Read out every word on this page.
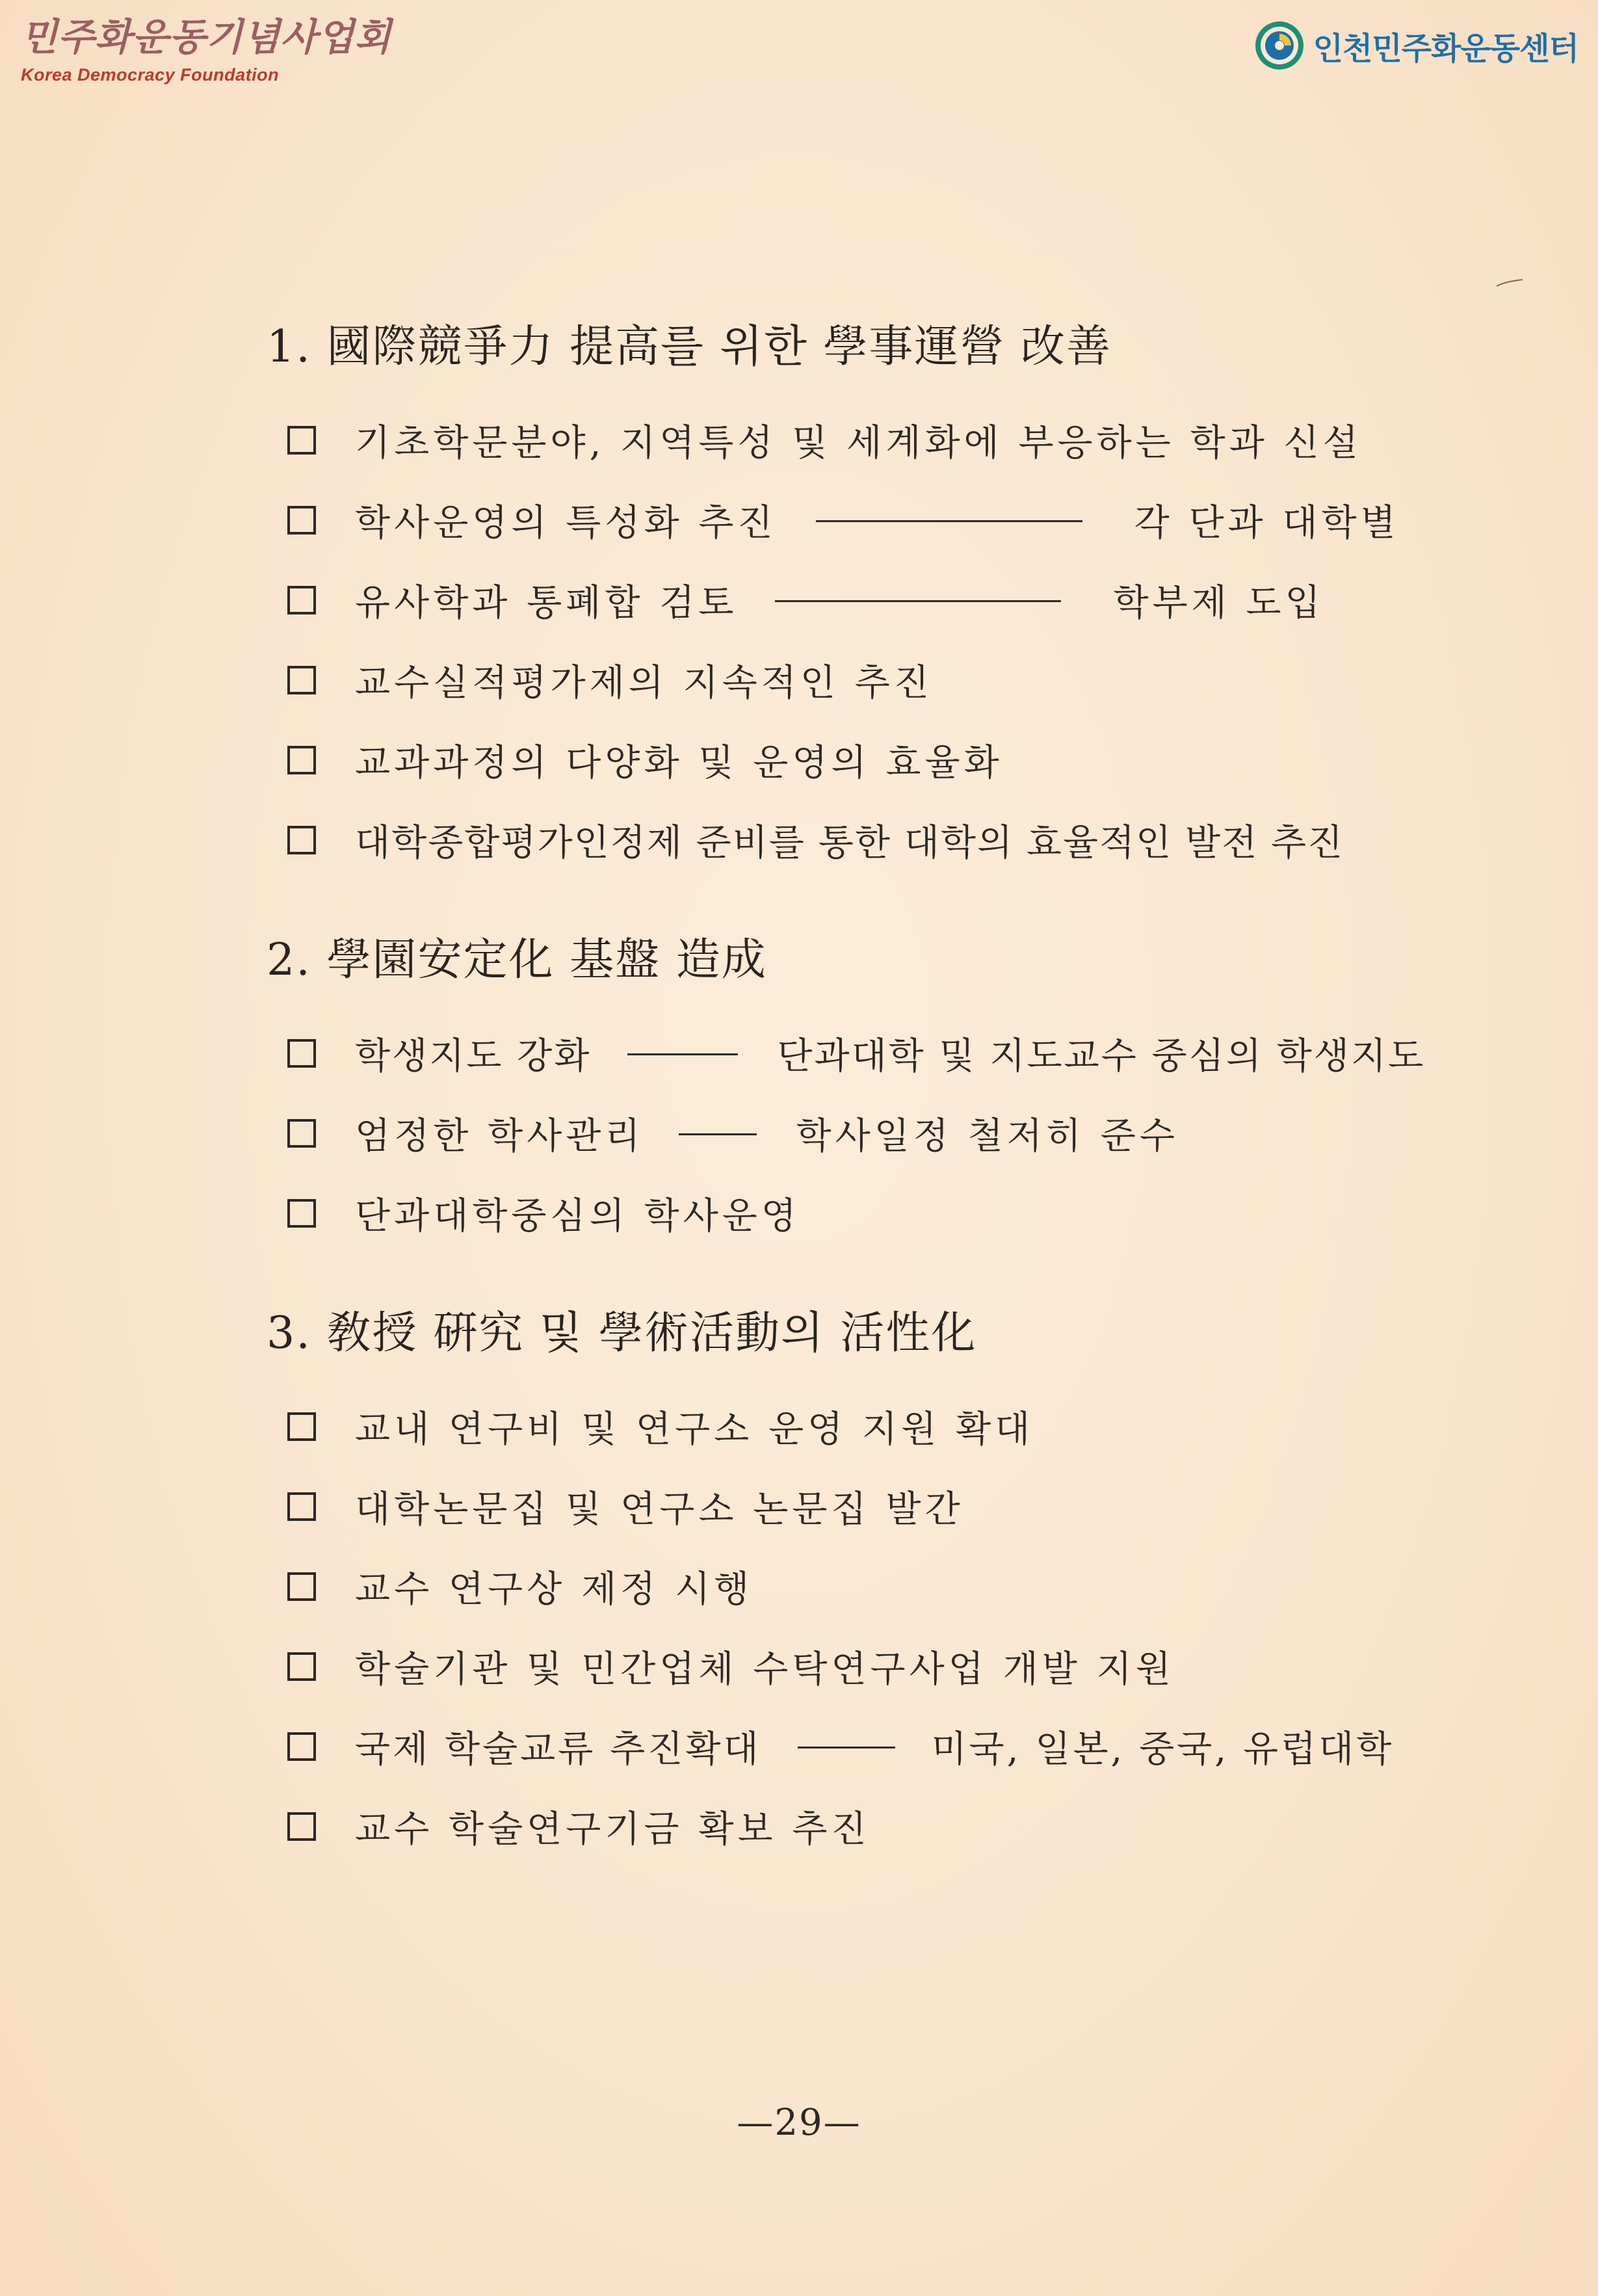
민주화운동기념사업회
Korea Democracy Foundation
인천민주화운동센터
1. 國際競爭力 提高를 위한 學事運營 改善
기초학문분야, 지역특성 및 세계화에 부응하는 학과 신설
학사운영의 특성화 추진	각 단과 대학별
유사학과 통폐합 검토	학부제 도입
교수실적평가제의 지속적인 추진
교과과정의 다양화 및 운영의 효율화
대학종합평가인정제 준비를 통한 대학의 효율적인 발전 추진
2. 學園安定化 基盤 造成
학생지도 강화	단과대학 및 지도교수 중심의 학생지도
엄정한 학사관리	학사일정 철저히 준수
단과대학중심의 학사운영
3. 敎授 硏究 및 學術活動의 活性化
교내 연구비 및 연구소 운영 지원 확대
대학논문집 및 연구소 논문집 발간
교수 연구상 제정 시행
학술기관 및 민간업체 수탁연구사업 개발 지원
국제 학술교류 추진확대	미국, 일본, 중국, 유럽대학
교수 학술연구기금 확보 추진
—29—
